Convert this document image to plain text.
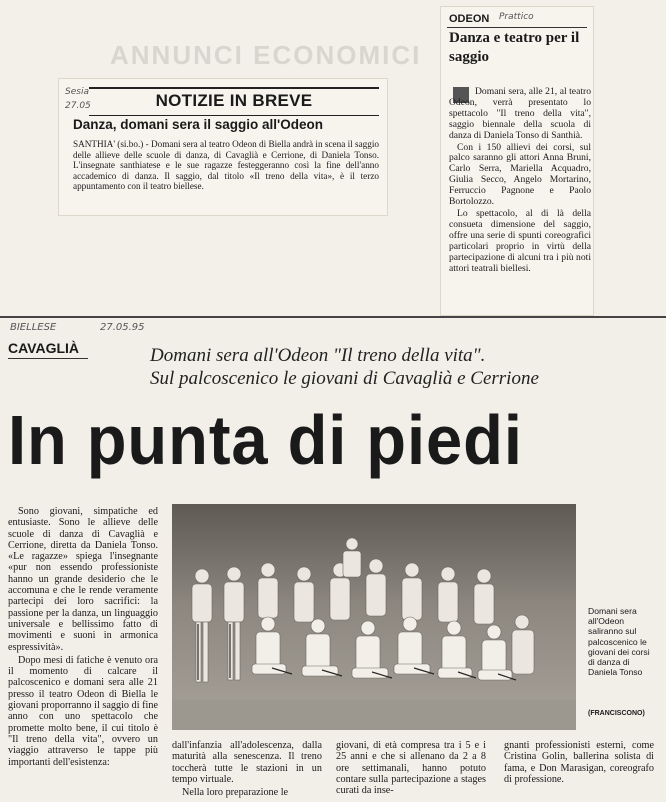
ANNUNCI ECONOMICI
Sesia
27.05	NOTIZIE IN BREVE
Danza, domani sera il saggio all'Odeon
SANTHIA' (si.bo.) - Domani sera al teatro Odeon di Biella andrà in scena il saggio delle allieve delle scuole di danza, di Cavaglià e Cerrione, di Daniela Tonso. L'insegnate santhiatese e le sue ragazze festeggeranno così la fine dell'anno accademico di danza. Il saggio, dal titolo «Il treno della vita», è il terzo appuntamento con il teatro biellese.
ODEON Prattico
Danza e teatro per il saggio

Domani sera, alle 21, al teatro Odeon, verrà presentato lo spettacolo "Il treno della vita", saggio biennale della scuola di danza di Daniela Tonso di Santhià.

Con i 150 allievi dei corsi, sul palco saranno gli attori Anna Bruni, Carlo Serra, Mariella Acquadro, Giulia Secco, Angelo Mortarino, Ferruccio Pagnone e Paolo Bortolozzo.

Lo spettacolo, al di là della consueta dimensione del saggio, offre una serie di spunti coreografici particolari proprio in virtù della partecipazione di alcuni tra i più noti attori teatrali biellesi.

BIELLESE	27.05.95
CAVAGLIÀ	Domani sera all'Odeon "Il treno della vita".
Sul palcoscenico le giovani di Cavaglià e Cerrione
In punta di piedi

Sono giovani, simpatiche ed entusiaste. Sono le allieve delle scuole di danza di Cavaglià e Cerrione, diretta da Daniela Tonso. «Le ragazze» spiega l'insegnante «pur non essendo professioniste hanno un grande desiderio che le accomuna e che le rende veramente partecipi dei loro sacrifici: la passione per la danza, un linguaggio universale e bellissimo fatto di movimenti e suoni in armonica espressività».

Dopo mesi di fatiche è venuto ora il momento di calcare il palcoscenico e domani sera alle 21 presso il teatro Odeon di Biella le giovani proporranno il saggio di fine anno con uno spettacolo che promette molto bene, il cui titolo è "Il treno della vita", ovvero un viaggio attraverso le tappe più importanti dell'esistenza:

Domani sera all'Odeon saliranno sul palcoscenico le giovani dei corsi di danza di Daniela Tonso
(FRANCISCONO)

dall'infanzia all'adolescenza, dalla maturità alla senescenza. Il treno toccherà tutte le stazioni in un tempo virtuale.

Nella loro preparazione le

giovani, di età compresa tra i 5 e i 25 anni e che si allenano da 2 a 8 ore settimanali, hanno potuto contare sulla partecipazione a stages curati da inse-

gnanti professionisti esterni, come Cristina Golin, ballerina solista di fama, e Don Marasigan, coreografo di professione.
